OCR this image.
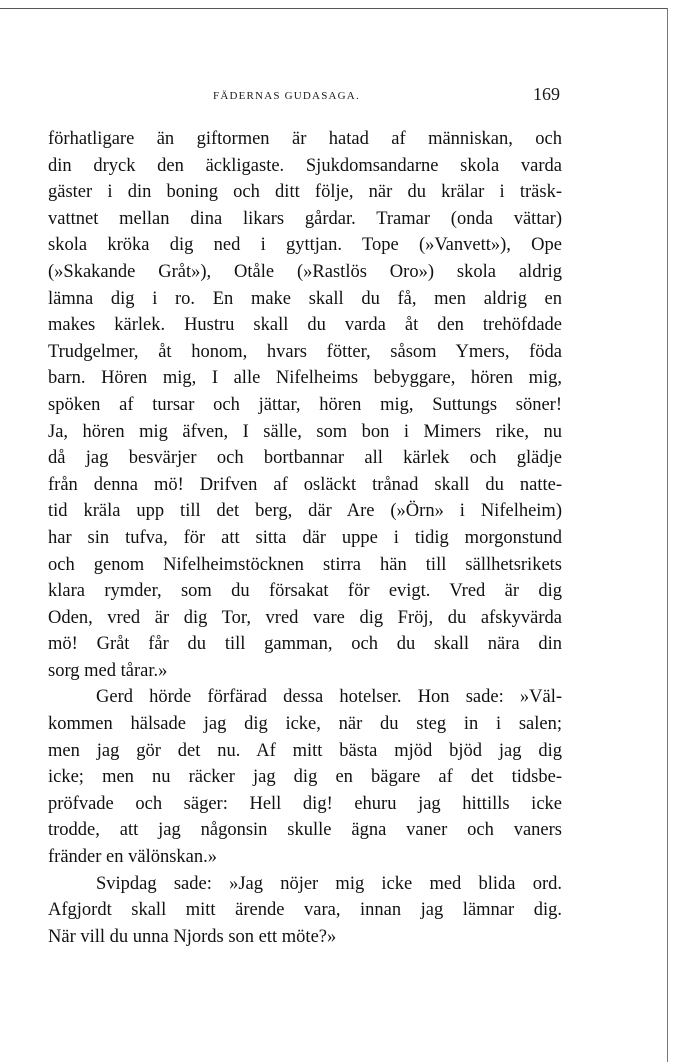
FÄDERNAS GUDASAGA.	169
förhatligare än giftormen är hatad af människan, och
din dryck den äckligaste. Sjukdomsandarne skola varda
gäster i din boning och ditt följe, när du krälar i träsk-
vattnet mellan dina likars gårdar. Tramar (onda vättar)
skola kröka dig ned i gyttjan. Tope (»Vanvett»), Ope
(»Skakande Gråt»), Otåle (»Rastlös Oro») skola aldrig
lämna dig i ro. En make skall du få, men aldrig en
makes kärlek. Hustru skall du varda åt den trehöfdade
Trudgelmer, åt honom, hvars fötter, såsom Ymers, föda
barn. Hören mig, I alle Nifelheims bebyggare, hören mig,
spöken af tursar och jättar, hören mig, Suttungs söner!
Ja, hören mig äfven, I sälle, som bon i Mimers rike, nu
då jag besvärjer och bortbannar all kärlek och glädje
från denna mö! Drifven af osläckt trånad skall du natte-
tid kräla upp till det berg, där Are (»Örn» i Nifelheim)
har sin tufva, för att sitta där uppe i tidig morgonstund
och genom Nifelheimstöcknen stirra hän till sällhetsrikets
klara rymder, som du försakat för evigt. Vred är dig
Oden, vred är dig Tor, vred vare dig Fröj, du afskyvärda
mö! Gråt får du till gamman, och du skall nära din
sorg med tårar.»
Gerd hörde förfärad dessa hotelser. Hon sade: »Väl-
kommen hälsade jag dig icke, när du steg in i salen;
men jag gör det nu. Af mitt bästa mjöd bjöd jag dig
icke; men nu räcker jag dig en bägare af det tidsbe-
pröfvade och säger: Hell dig! ehuru jag hittills icke
trodde, att jag någonsin skulle ägna vaner och vaners
fränder en välönskan.»
Svipdag sade: »Jag nöjer mig icke med blida ord.
Afgjordt skall mitt ärende vara, innan jag lämnar dig.
När vill du unna Njords son ett möte?»
